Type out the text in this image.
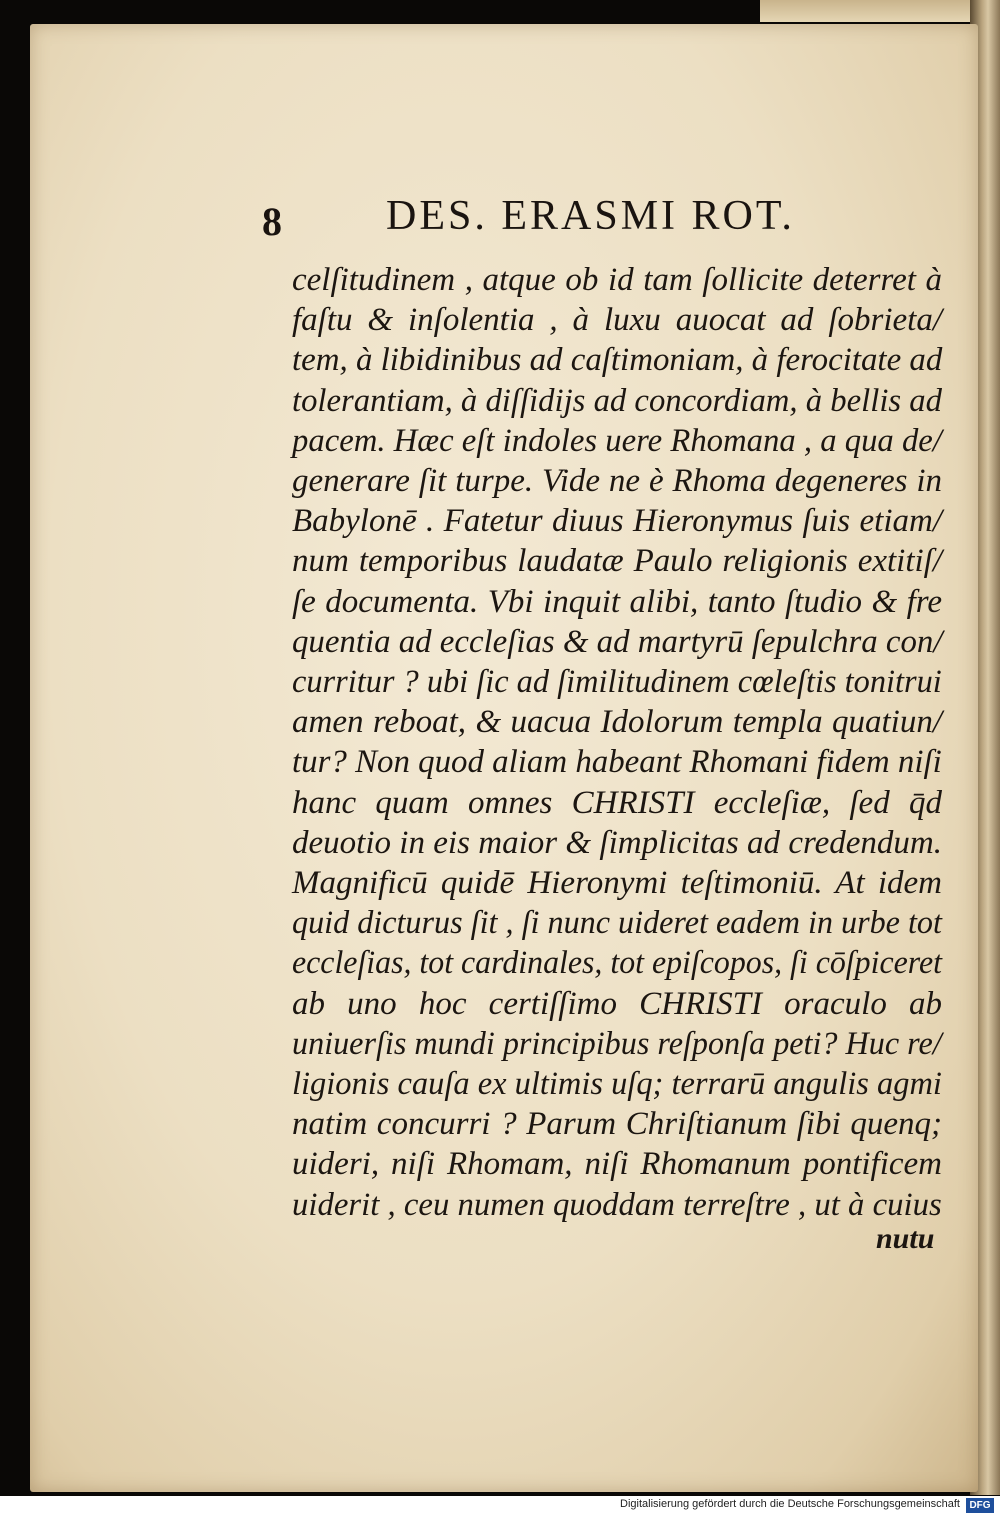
8 DES. ERASMI ROT.
celſitudinem , atque ob id tam ſollicite deterret à
faſtu & inſolentia , à luxu auocat ad ſobrieta/
tem, à libidinibus ad caſtimoniam, à ferocitate ad
tolerantiam, à diſſidijs ad concordiam, à bellis ad
pacem. Hæc eſt indoles uere Rhomana , a qua de/
generare ſit turpe. Vide ne è Rhoma degeneres in
Babylonē . Fatetur diuus Hieronymus ſuis etiam/
num temporibus laudatæ Paulo religionis extitiſ/
ſe documenta. Vbi inquit alibi, tanto ſtudio & fre
quentia ad eccleſias & ad martyrū ſepulchra con/
curritur ? ubi ſic ad ſimilitudinem cœleſtis tonitrui
amen reboat, & uacua Idolorum templa quatiun/
tur? Non quod aliam habeant Rhomani fidem niſi
hanc quam omnes CHRISTI eccleſiæ, ſed q̄d
deuotio in eis maior & ſimplicitas ad credendum.
Magnificū quidē Hieronymi teſtimoniū. At idem
quid dicturus ſit , ſi nunc uideret eadem in urbe tot
eccleſias, tot cardinales, tot epiſcopos, ſi cōſpiceret
ab uno hoc certiſſimo CHRISTI oraculo ab
uniuerſis mundi principibus reſponſa peti? Huc re/
ligionis cauſa ex ultimis uſq; terrarū angulis agmi
natim concurri ? Parum Chriſtianum ſibi quenq;
uideri, niſi Rhomam, niſi Rhomanum pontificem
uiderit , ceu numen quoddam terreſtre , ut à cuius
nutu
Digitalisierung gefördert durch die Deutsche Forschungsgemeinschaft DFG
